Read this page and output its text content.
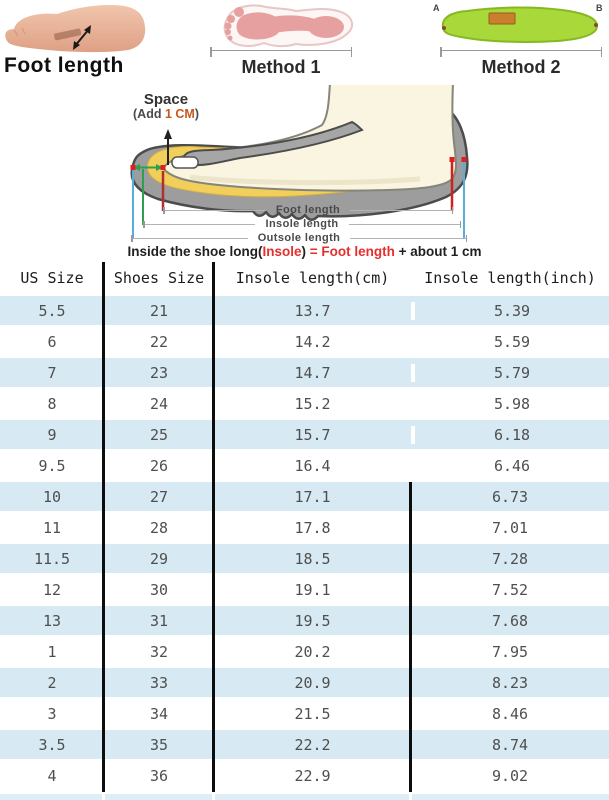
Foot length	Method 1
A	B
Method 2
Space
(Add 1 CM)
Foot length
Insole length
Outsole length
Inside the shoe long(Insole) = Foot length + about 1 cm
US Size	Shoes Size	Insole length(cm)	Insole length(inch)
5.5	21	13.7	5.39
6	22	14.2	5.59
7	23	14.7	5.79
8	24	15.2	5.98
9	25	15.7	6.18
9.5	26	16.4	6.46
10	27	17.1	6.73
11	28	17.8	7.01
11.5	29	18.5	7.28
12	30	19.1	7.52
13	31	19.5	7.68
1	32	20.2	7.95
2	33	20.9	8.23
3	34	21.5	8.46
3.5	35	22.2	8.74
4	36	22.9	9.02
